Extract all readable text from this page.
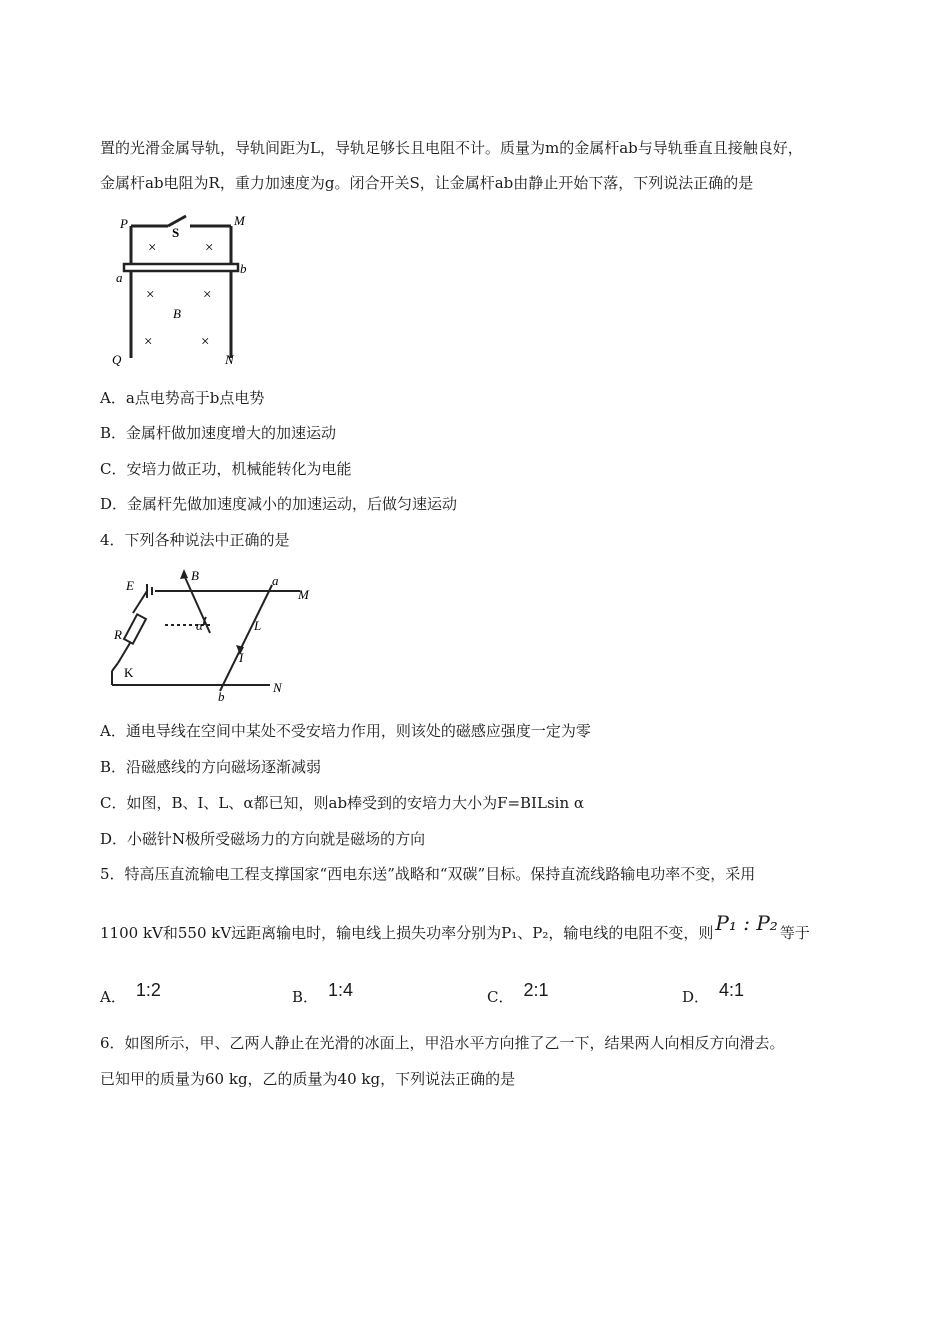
置的光滑金属导轨，导轨间距为L，导轨足够长且电阻不计。质量为m的金属杆ab与导轨垂直且接触良好，
金属杆ab电阻为R，重力加速度为g。闭合开关S，让金属杆ab由静止开始下落，下列说法正确的是
P
S
M
a
b
B
Q	N
×	×
×	×
×	×
A．a点电势高于b点电势
B．金属杆做加速度增大的加速运动
C．安培力做正功，机械能转化为电能
D．金属杆先做加速度减小的加速运动，后做匀速运动
4．下列各种说法中正确的是
B	a
M
E
L
α
R
I
K
b
N
A．通电导线在空间中某处不受安培力作用，则该处的磁感应强度一定为零
B．沿磁感线的方向磁场逐渐减弱
C．如图，B、I、L、α都已知，则ab棒受到的安培力大小为F=BILsin α
D．小磁针N极所受磁场力的方向就是磁场的方向
5．特高压直流输电工程支撑国家“西电东送”战略和“双碳”目标。保持直流线路输电功率不变，采用
1100 kV和550 kV远距离输电时，输电线上损失功率分别为P₁、P₂，输电线的电阻不变，则 P₁ : P₂ 等于
A． 1:2	B． 1:4	C． 2:1	D． 4:1
6．如图所示，甲、乙两人静止在光滑的冰面上，甲沿水平方向推了乙一下，结果两人向相反方向滑去。
已知甲的质量为60 kg，乙的质量为40 kg，下列说法正确的是
